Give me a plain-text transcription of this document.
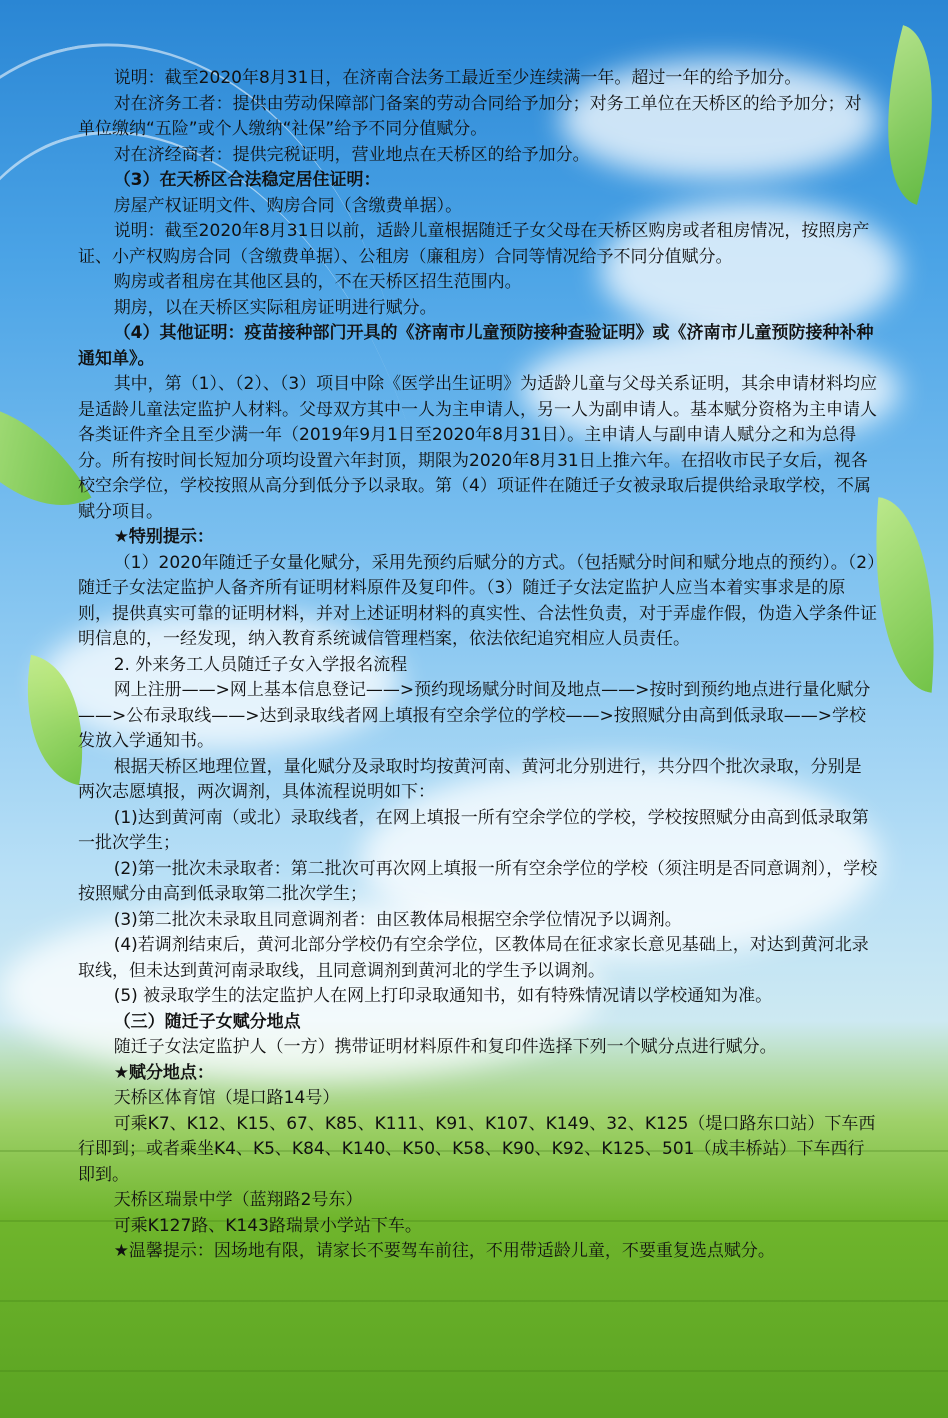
说明：截至2020年8月31日，在济南合法务工最近至少连续满一年。超过一年的给予加分。

对在济务工者：提供由劳动保障部门备案的劳动合同给予加分；对务工单位在天桥区的给予加分；对单位缴纳“五险”或个人缴纳“社保”给予不同分值赋分。

对在济经商者：提供完税证明，营业地点在天桥区的给予加分。

（3）在天桥区合法稳定居住证明：

房屋产权证明文件、购房合同（含缴费单据）。

说明：截至2020年8月31日以前，适龄儿童根据随迁子女父母在天桥区购房或者租房情况，按照房产证、小产权购房合同（含缴费单据）、公租房（廉租房）合同等情况给予不同分值赋分。

购房或者租房在其他区县的，不在天桥区招生范围内。

期房，以在天桥区实际租房证明进行赋分。

（4）其他证明：疫苗接种部门开具的《济南市儿童预防接种查验证明》或《济南市儿童预防接种补种通知单》。

其中，第（1）、（2）、（3）项目中除《医学出生证明》为适龄儿童与父母关系证明，其余申请材料均应是适龄儿童法定监护人材料。父母双方其中一人为主申请人，另一人为副申请人。基本赋分资格为主申请人各类证件齐全且至少满一年（2019年9月1日至2020年8月31日）。主申请人与副申请人赋分之和为总得分。所有按时间长短加分项均设置六年封顶，期限为2020年8月31日上推六年。在招收市民子女后，视各校空余学位，学校按照从高分到低分予以录取。第（4）项证件在随迁子女被录取后提供给录取学校，不属赋分项目。

★特别提示：

（1）2020年随迁子女量化赋分，采用先预约后赋分的方式。（包括赋分时间和赋分地点的预约）。（2）随迁子女法定监护人备齐所有证明材料原件及复印件。（3）随迁子女法定监护人应当本着实事求是的原则，提供真实可靠的证明材料，并对上述证明材料的真实性、合法性负责，对于弄虚作假，伪造入学条件证明信息的，一经发现，纳入教育系统诚信管理档案，依法依纪追究相应人员责任。

2. 外来务工人员随迁子女入学报名流程

网上注册——>网上基本信息登记——>预约现场赋分时间及地点——>按时到预约地点进行量化赋分——>公布录取线——>达到录取线者网上填报有空余学位的学校——>按照赋分由高到低录取——>学校发放入学通知书。

根据天桥区地理位置，量化赋分及录取时均按黄河南、黄河北分别进行，共分四个批次录取，分别是两次志愿填报，两次调剂，具体流程说明如下：

(1)达到黄河南（或北）录取线者，在网上填报一所有空余学位的学校，学校按照赋分由高到低录取第一批次学生；

(2)第一批次未录取者：第二批次可再次网上填报一所有空余学位的学校（须注明是否同意调剂），学校按照赋分由高到低录取第二批次学生；

(3)第二批次未录取且同意调剂者：由区教体局根据空余学位情况予以调剂。

(4)若调剂结束后，黄河北部分学校仍有空余学位，区教体局在征求家长意见基础上，对达到黄河北录取线，但未达到黄河南录取线，且同意调剂到黄河北的学生予以调剂。

(5) 被录取学生的法定监护人在网上打印录取通知书，如有特殊情况请以学校通知为准。

（三）随迁子女赋分地点

随迁子女法定监护人（一方）携带证明材料原件和复印件选择下列一个赋分点进行赋分。

★赋分地点：

天桥区体育馆（堤口路14号）

可乘K7、K12、K15、67、K85、K111、K91、K107、K149、32、K125（堤口路东口站）下车西行即到；或者乘坐K4、K5、K84、K140、K50、K58、K90、K92、K125、501（成丰桥站）下车西行即到。

天桥区瑞景中学（蓝翔路2号东）

可乘K127路、K143路瑞景小学站下车。

★温馨提示：因场地有限，请家长不要驾车前往，不用带适龄儿童，不要重复选点赋分。
